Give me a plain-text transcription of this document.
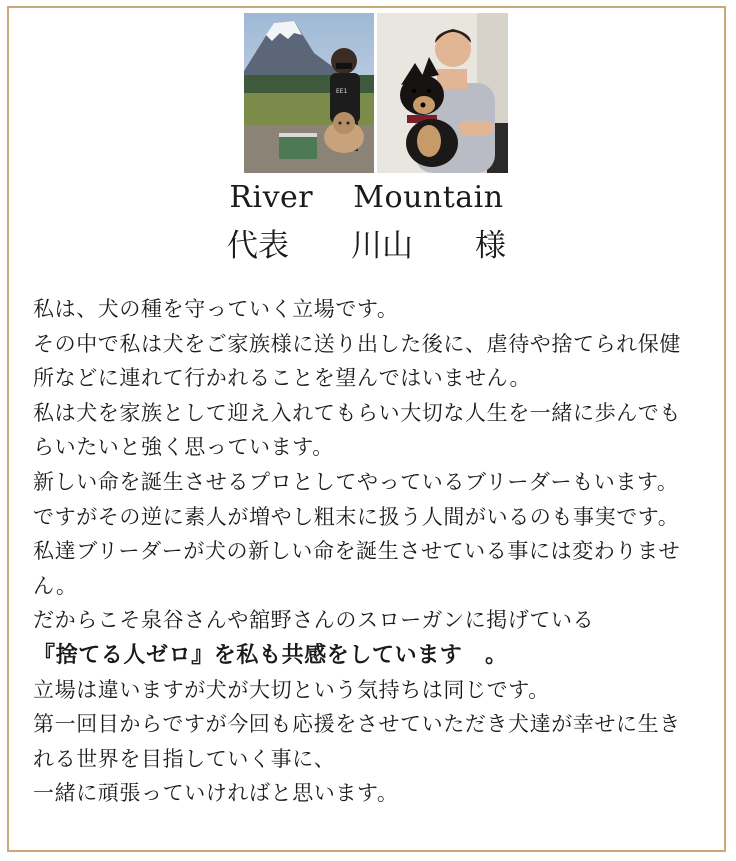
ЕЕ1
River    Mountain
代表　　川山　　様
私は、犬の種を守っていく立場です。
その中で私は犬をご家族様に送り出した後に、虐待や捨てられ保健
所などに連れて行かれることを望んではいません。
私は犬を家族として迎え入れてもらい大切な人生を一緒に歩んでも
らいたいと強く思っています。
新しい命を誕生させるプロとしてやっているブリーダーもいます。
ですがその逆に素人が増やし粗末に扱う人間がいるのも事実です。
私達ブリーダーが犬の新しい命を誕生させている事には変わりませ
ん。
だからこそ泉谷さんや舘野さんのスローガンに掲げている
『捨てる人ゼロ』を私も共感をしています　。
立場は違いますが犬が大切という気持ちは同じです。
第一回目からですが今回も応援をさせていただき犬達が幸せに生き
れる世界を目指していく事に、
一緒に頑張っていければと思います。
